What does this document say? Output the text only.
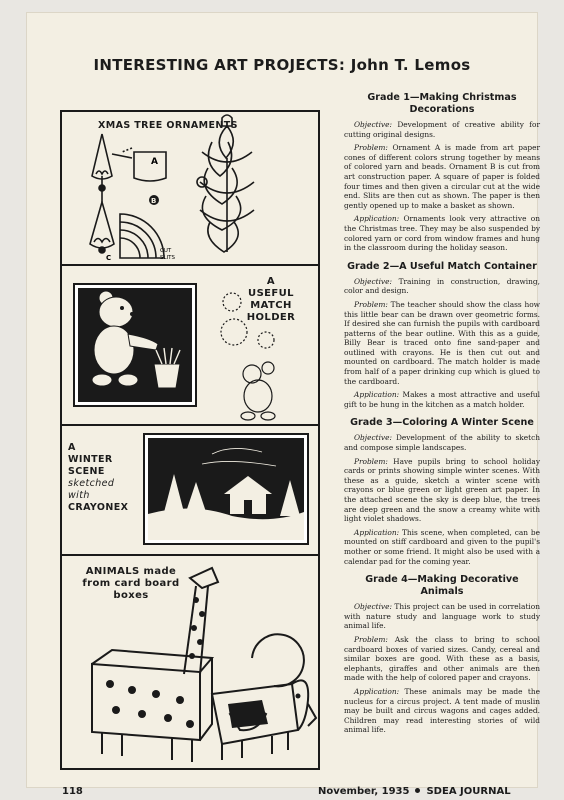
INTERESTING ART PROJECTS: John T. Lemos
XMAS TREE ORNAMENTS
A
B
C
CUT
SLITS
A
USEFUL
MATCH
HOLDER
A
WINTER
SCENE
sketched
with
CRAYONEX
ANIMALS made
from card board
boxes
Grade 1—Making Christmas Decorations

Objective: Development of creative ability for cutting original designs.

Problem: Ornament A is made from art paper cones of different colors strung together by means of colored yarn and beads. Ornament B is cut from art construction paper. A square of paper is folded four times and then given a circular cut at the wide end. Slits are then cut as shown. The paper is then gently opened up to make a basket as shown.

Application: Ornaments look very attractive on the Christmas tree. They may be also suspended by colored yarn or cord from window frames and hung in the classroom during the holiday season.

Grade 2—A Useful Match Container

Objective: Training in construction, drawing, color and design.

Problem: The teacher should show the class how this little bear can be drawn over geometric forms. If desired she can furnish the pupils with cardboard patterns of the bear outline. With this as a guide, Billy Bear is traced onto fine sand-paper and outlined with crayons. He is then cut out and mounted on cardboard. The match holder is made from half of a paper drinking cup which is glued to the cardboard.

Application: Makes a most attractive and useful gift to be hung in the kitchen as a match holder.

Grade 3—Coloring A Winter Scene

Objective: Development of the ability to sketch and compose simple landscapes.

Problem: Have pupils bring to school holiday cards or prints showing simple winter scenes. With these as a guide, sketch a winter scene with crayons or blue green or light green art paper. In the attached scene the sky is deep blue, the trees are deep green and the snow a creamy white with light violet shadows.

Application: This scene, when completed, can be mounted on stiff cardboard and given to the pupil's mother or some friend. It might also be used with a calendar pad for the coming year.

Grade 4—Making Decorative Animals

Objective: This project can be used in correlation with nature study and language work to study animal life.

Problem: Ask the class to bring to school cardboard boxes of varied sizes. Candy, cereal and similar boxes are good. With these as a basis, elephants, giraffes and other animals are then made with the help of colored paper and crayons.

Application: These animals may be made the nucleus for a circus project. A tent made of muslin may be built and circus wagons and cages added. Children may read interesting stories of wild animal life.

118	November, 1935 SDEA JOURNAL
